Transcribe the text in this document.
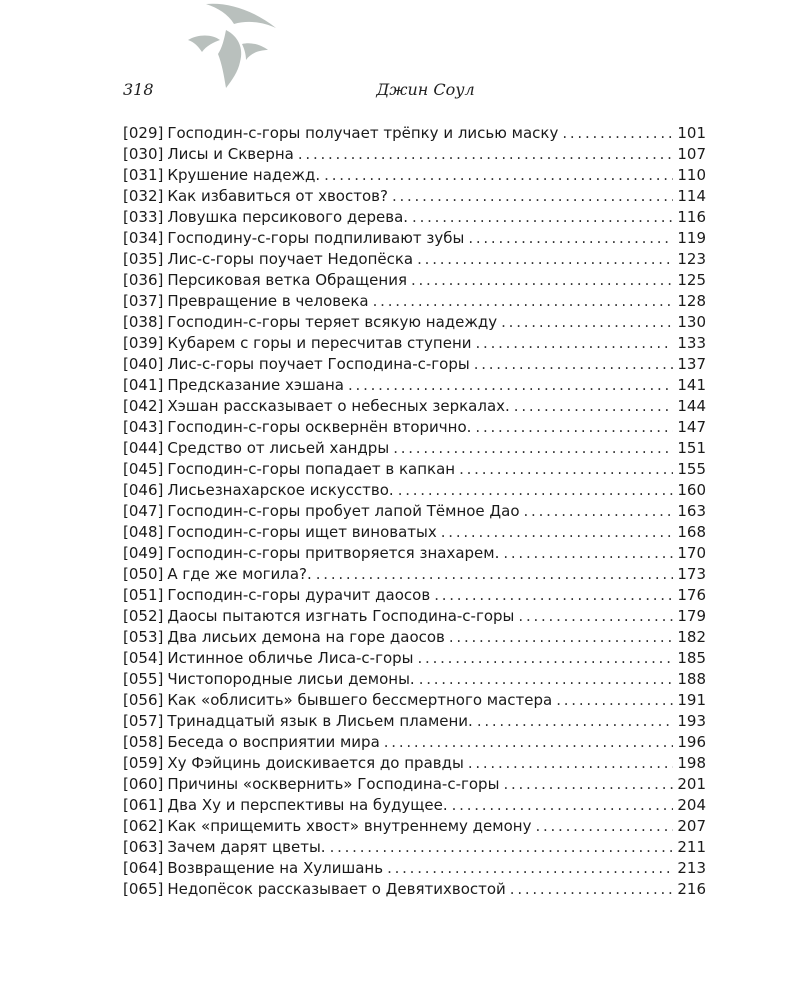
318	Джин Соул
[029] Господин-с-горы получает трёпку и лисью маску . . .	101
[030] Лисы и Скверна . . .	107
[031] Крушение надежд. . . .	110
[032] Как избавиться от хвостов? . . .	114
[033] Ловушка персикового дерева. . . .	116
[034] Господину-с-горы подпиливают зубы . . .	119
[035] Лис-с-горы поучает Недопёска . . .	123
[036] Персиковая ветка Обращения . . .	125
[037] Превращение в человека . . .	128
[038] Господин-с-горы теряет всякую надежду . . .	130
[039] Кубарем с горы и пересчитав ступени . . .	133
[040] Лис-с-горы поучает Господина-с-горы . . .	137
[041] Предсказание хэшана . . .	141
[042] Хэшан рассказывает о небесных зеркалах. . . .	144
[043] Господин-с-горы осквернён вторично. . . .	147
[044] Средство от лисьей хандры . . .	151
[045] Господин-с-горы попадает в капкан . . .	155
[046] Лисьезнахарское искусство. . . .	160
[047] Господин-с-горы пробует лапой Тёмное Дао . . .	163
[048] Господин-с-горы ищет виноватых . . .	168
[049] Господин-с-горы притворяется знахарем. . . .	170
[050] А где же могила?. . . .	173
[051] Господин-с-горы дурачит даосов . . .	176
[052] Даосы пытаются изгнать Господина-с-горы . . .	179
[053] Два лисьих демона на горе даосов . . .	182
[054] Истинное обличье Лиса-с-горы . . .	185
[055] Чистопородные лисьи демоны. . . .	188
[056] Как «облисить» бывшего бессмертного мастера . . .	191
[057] Тринадцатый язык в Лисьем пламени. . . .	193
[058] Беседа о восприятии мира . . .	196
[059] Ху Фэйцинь доискивается до правды . . .	198
[060] Причины «осквернить» Господина-с-горы . . .	201
[061] Два Ху и перспективы на будущее. . . .	204
[062] Как «прищемить хвост» внутреннему демону . . .	207
[063] Зачем дарят цветы. . . .	211
[064] Возвращение на Хулишань . . .	213
[065] Недопёсок рассказывает о Девятихвостой . . .	216
